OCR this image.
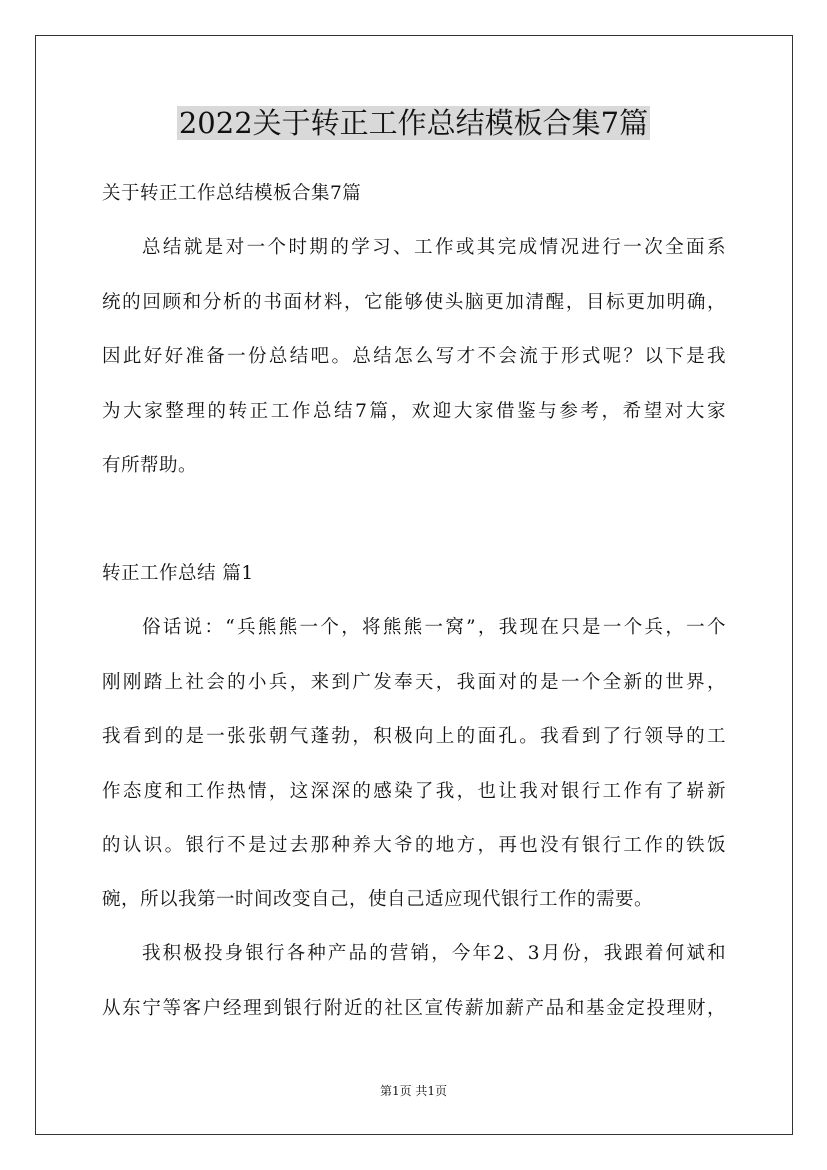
2022关于转正工作总结模板合集7篇
关于转正工作总结模板合集7篇
总结就是对一个时期的学习、工作或其完成情况进行一次全面系
统的回顾和分析的书面材料，它能够使头脑更加清醒，目标更加明确，
因此好好准备一份总结吧。总结怎么写才不会流于形式呢？以下是我
为大家整理的转正工作总结7篇，欢迎大家借鉴与参考，希望对大家
有所帮助。
转正工作总结 篇1
俗话说：“兵熊熊一个，将熊熊一窝”，我现在只是一个兵，一个
刚刚踏上社会的小兵，来到广发奉天，我面对的是一个全新的世界，
我看到的是一张张朝气蓬勃，积极向上的面孔。我看到了行领导的工
作态度和工作热情，这深深的感染了我，也让我对银行工作有了崭新
的认识。银行不是过去那种养大爷的地方，再也没有银行工作的铁饭
碗，所以我第一时间改变自己，使自己适应现代银行工作的需要。
我积极投身银行各种产品的营销，今年2、3月份，我跟着何斌和
从东宁等客户经理到银行附近的社区宣传薪加薪产品和基金定投理财，
第1页 共1页
